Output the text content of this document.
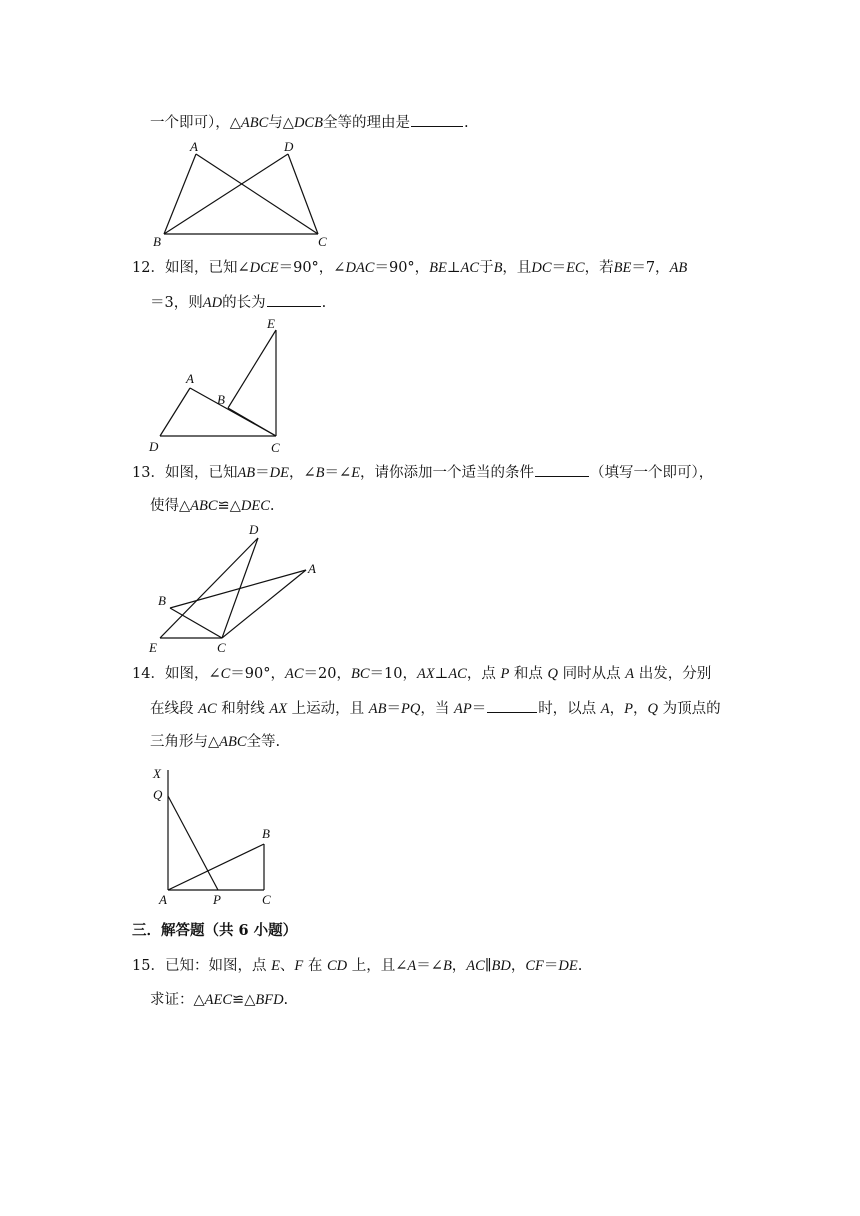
一个即可），△ABC与△DCB全等的理由是	.
A	D
B	C
12．如图，已知∠DCE＝90°，∠DAC＝90°，BE⊥AC于B，且DC＝EC，若BE＝7，AB
＝3，则AD的长为	.
E
A
B
D	C
13．如图，已知AB＝DE，∠B＝∠E，请你添加一个适当的条件	（填写一个即可），
使得△ABC≌△DEC.
D
A
B
E	C
14．如图，∠C＝90°，AC＝20，BC＝10，AX⊥AC，点 P 和点 Q 同时从点 A 出发，分别
在线段 AC 和射线 AX 上运动，且 AB＝PQ，当 AP＝	时，以点 A，P，Q 为顶点的
三角形与△ABC全等.
X
Q
B
A	P	C
三．解答题（共 6 小题）
15．已知：如图，点 E、F 在 CD 上，且∠A＝∠B，AC∥BD，CF＝DE.
求证：△AEC≌△BFD.
